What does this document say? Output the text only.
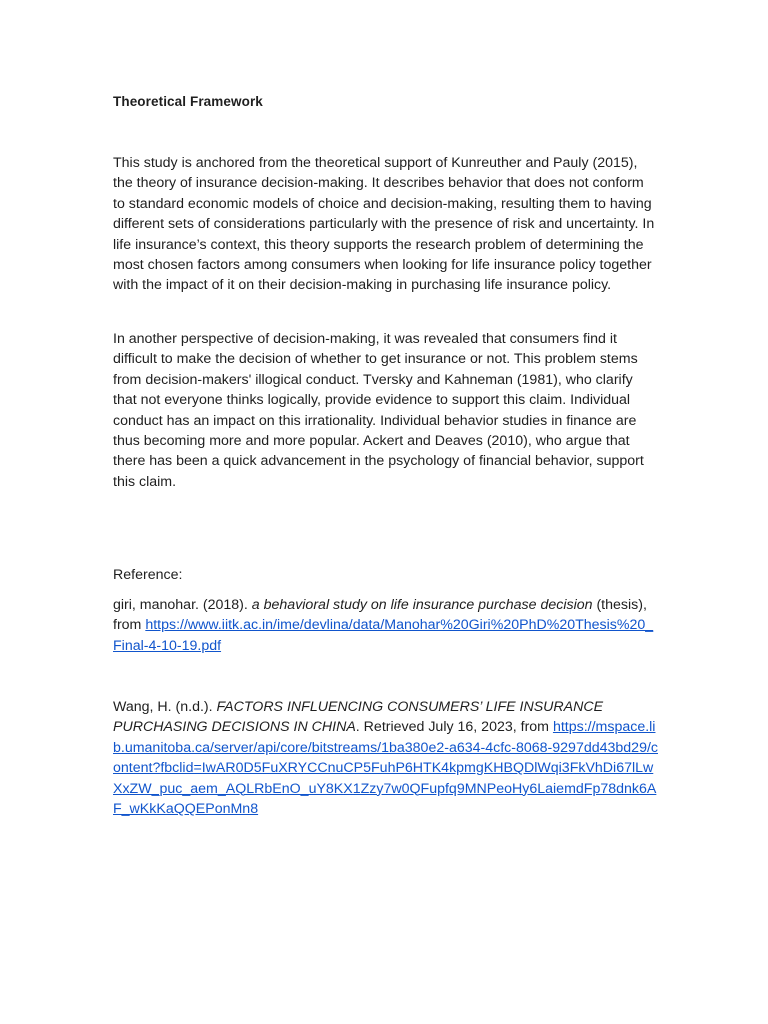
Theoretical Framework

This study is anchored from the theoretical support of Kunreuther and Pauly (2015), the theory of insurance decision-making. It describes behavior that does not conform to standard economic models of choice and decision-making, resulting them to having different sets of considerations particularly with the presence of risk and uncertainty. In life insurance’s context, this theory supports the research problem of determining the most chosen factors among consumers when looking for life insurance policy together with the impact of it on their decision-making in purchasing life insurance policy.

In another perspective of decision-making, it was revealed that consumers find it difficult to make the decision of whether to get insurance or not. This problem stems from decision-makers' illogical conduct. Tversky and Kahneman (1981), who clarify that not everyone thinks logically, provide evidence to support this claim. Individual conduct has an impact on this irrationality. Individual behavior studies in finance are thus becoming more and more popular. Ackert and Deaves (2010), who argue that there has been a quick advancement in the psychology of financial behavior, support this claim.

Reference:
giri, manohar. (2018). a behavioral study on life insurance purchase decision (thesis), from https://www.iitk.ac.in/ime/devlina/data/Manohar%20Giri%20PhD%20Thesis%20_Final-4-10-19.pdf
Wang, H. (n.d.). FACTORS INFLUENCING CONSUMERS’ LIFE INSURANCE PURCHASING DECISIONS IN CHINA. Retrieved July 16, 2023, from https://mspace.lib.umanitoba.ca/server/api/core/bitstreams/1ba380e2-a634-4cfc-8068-9297dd43bd29/content?fbclid=IwAR0D5FuXRYCCnuCP5FuhP6HTK4kpmgKHBQDlWqi3FkVhDi67lLwXxZW_puc_aem_AQLRbEnO_uY8KX1Zzy7w0QFupfq9MNPeoHy6LaiemdFp78dnk6AF_wKkKaQQEPonMn8
